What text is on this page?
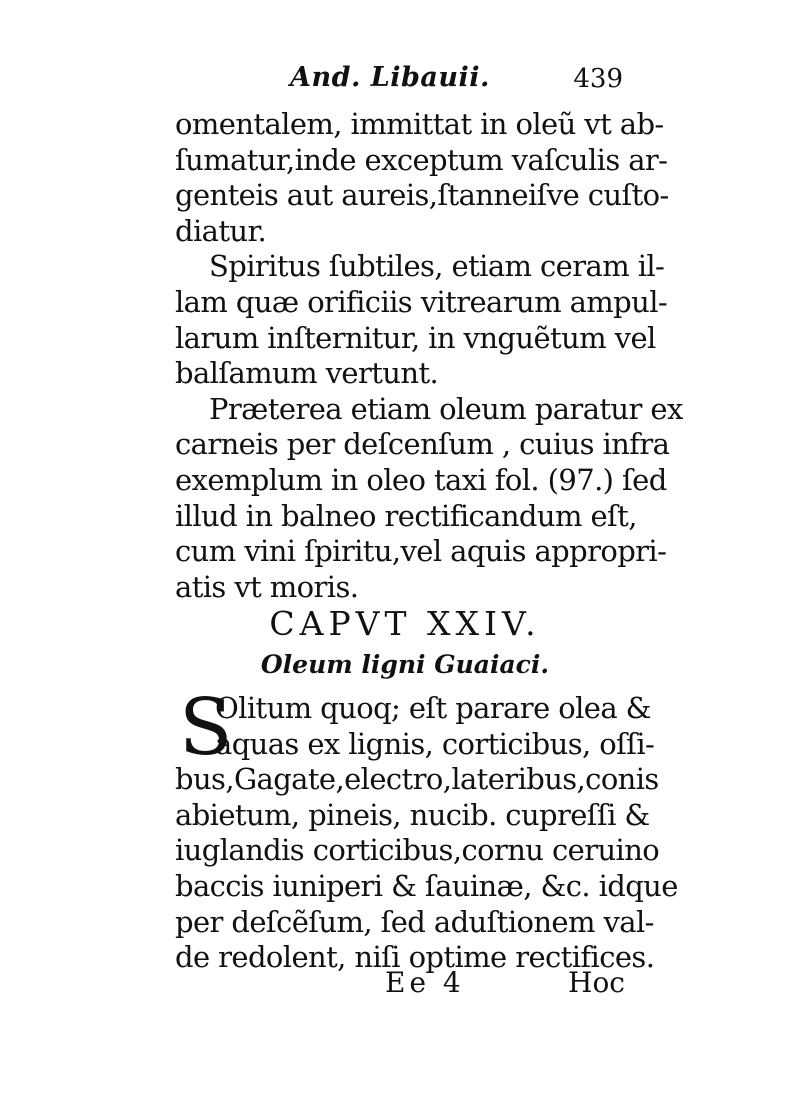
And. Libauii.	439
omentalem, immittat in oleũ vt ab-
ſumatur,inde exceptum vaſculis ar-
genteis aut aureis,ſtanneiſve cuſto-
diatur.
Spiritus ſubtiles, etiam ceram il-
lam quæ orificiis vitrearum ampul-
larum inſternitur, in vnguẽtum vel
balſamum vertunt.
Præterea etiam oleum paratur ex
carneis per deſcenſum , cuius infra
exemplum in oleo taxi fol. (97.) ſed
illud in balneo rectificandum eſt,
cum vini ſpiritu,vel aquis appropri-
atis vt moris.
CAPVT XXIV.
Oleum ligni Guaiaci.
S
Olitum quoq; eſt parare olea &
aquas ex lignis, corticibus, oſſi-
bus,Gagate,electro,lateribus,conis
abietum, pineis, nucib. cupreſſi &
iuglandis corticibus,cornu ceruino
baccis iuniperi & ſauinæ, &c. idque
per deſcẽſum, ſed aduſtionem val-
de redolent, niſi optime rectifices.
Ee 4	Hoc
